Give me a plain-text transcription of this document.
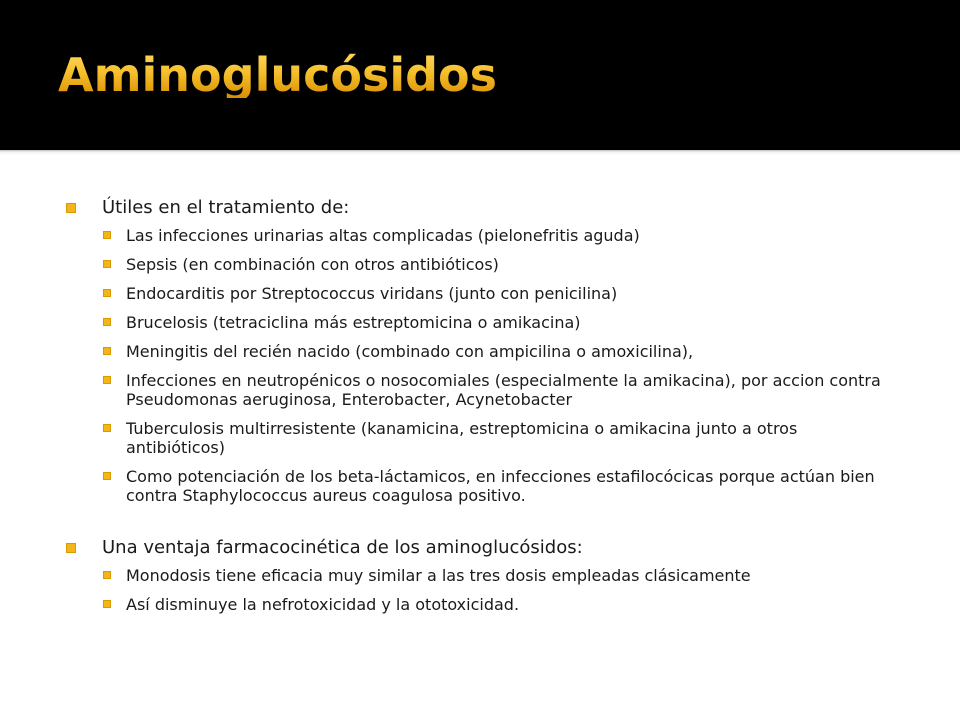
Aminoglucósidos
Útiles en el tratamiento de:
Las infecciones urinarias altas complicadas (pielonefritis aguda)
Sepsis (en combinación con otros antibióticos)
Endocarditis por Streptococcus viridans (junto con penicilina)
Brucelosis (tetraciclina más estreptomicina o amikacina)
Meningitis del recién nacido (combinado con ampicilina o amoxicilina),
Infecciones en neutropénicos o nosocomiales (especialmente la amikacina), por accion contra Pseudomonas aeruginosa, Enterobacter, Acynetobacter
Tuberculosis multirresistente (kanamicina, estreptomicina o amikacina junto a otros antibióticos)
Como potenciación de los beta-láctamicos, en infecciones estafilocócicas porque actúan bien contra Staphylococcus aureus coagulosa positivo.
Una ventaja farmacocinética de los aminoglucósidos:
Monodosis tiene eficacia muy similar a las tres dosis empleadas clásicamente
Así disminuye la nefrotoxicidad y la ototoxicidad.
